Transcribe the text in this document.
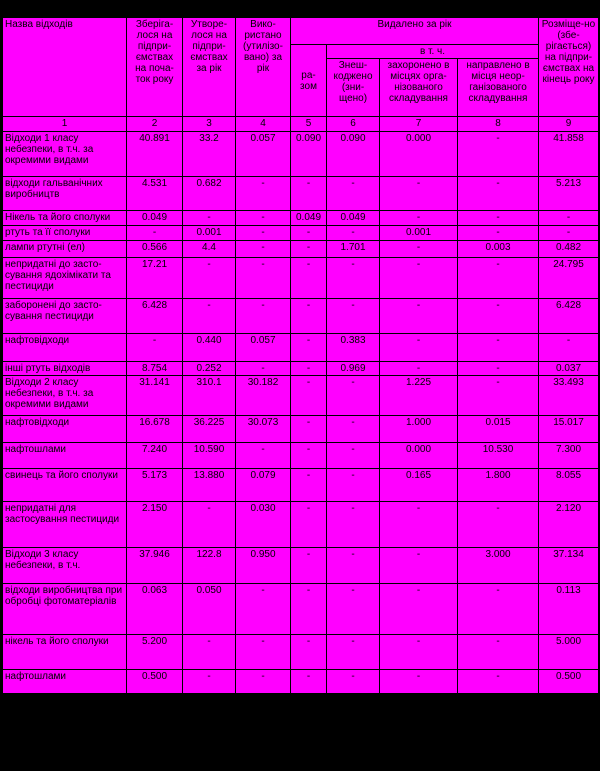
Назва відходів	Зберіга-лося на підпри-ємствах на поча-ток року	Утворе-лося на підпри-ємствах за рік	Вико-ристано (утилізо-вано) за рік	Видалено за рік				Розміще-но (збе-рігається) на підпри-ємствах на кінець року
				ра-зом	в т. ч.			
					Знеш-коджено (зни-щено)	захоронено в місцях орга-нізованого складування	направлено в місця неор-ганізованого складування	
1	2	3	4	5	6	7	8	9
Відходи 1 класу небезпеки, в т.ч. за окремими видами	40.891	33.2	0.057	0.090	0.090	0.000	-	41.858
відходи гальванічних виробництв	4.531	0.682	-	-	-	-	-	5.213
Нікель та його сполуки	0.049	-	-	0.049	0.049	-	-	-
ртуть та її сполуки	-	0.001	-	-	-	0.001	-	-
лампи ртутні (ел)	0.566	4.4	-	-	1.701	-	0.003	0.482
непридатні до засто-сування ядохімікати та пестициди	17.21	-	-	-	-	-	-	24.795
заборонені до засто-сування пестициди	6.428	-	-	-	-	-	-	6.428
нафтовідходи	-	0.440	0.057	-	0.383	-	-	-
інші ртуть відходів	8.754	0.252	-	-	0.969	-	-	0.037
Відходи 2 класу небезпеки, в т.ч. за окремими видами	31.141	310.1	30.182	-	-	1.225	-	33.493
нафтовідходи	16.678	36.225	30.073	-	-	1.000	0.015	15.017
нафтошлами	7.240	10.590	-	-	-	0.000	10.530	7.300
свинець та його сполуки	5.173	13.880	0.079	-	-	0.165	1.800	8.055
непридатні для застосування пестициди	2.150	-	0.030	-	-	-	-	2.120
Відходи 3 класу небезпеки, в т.ч.	37.946	122.8	0.950	-	-	-	3.000	37.134
відходи виробництва при обробці фотоматеріалів	0.063	0.050	-	-	-	-	-	0.113
нікель та його сполуки	5.200	-	-	-	-	-	-	5.000
нафтошлами	0.500	-	-	-	-	-	-	0.500
